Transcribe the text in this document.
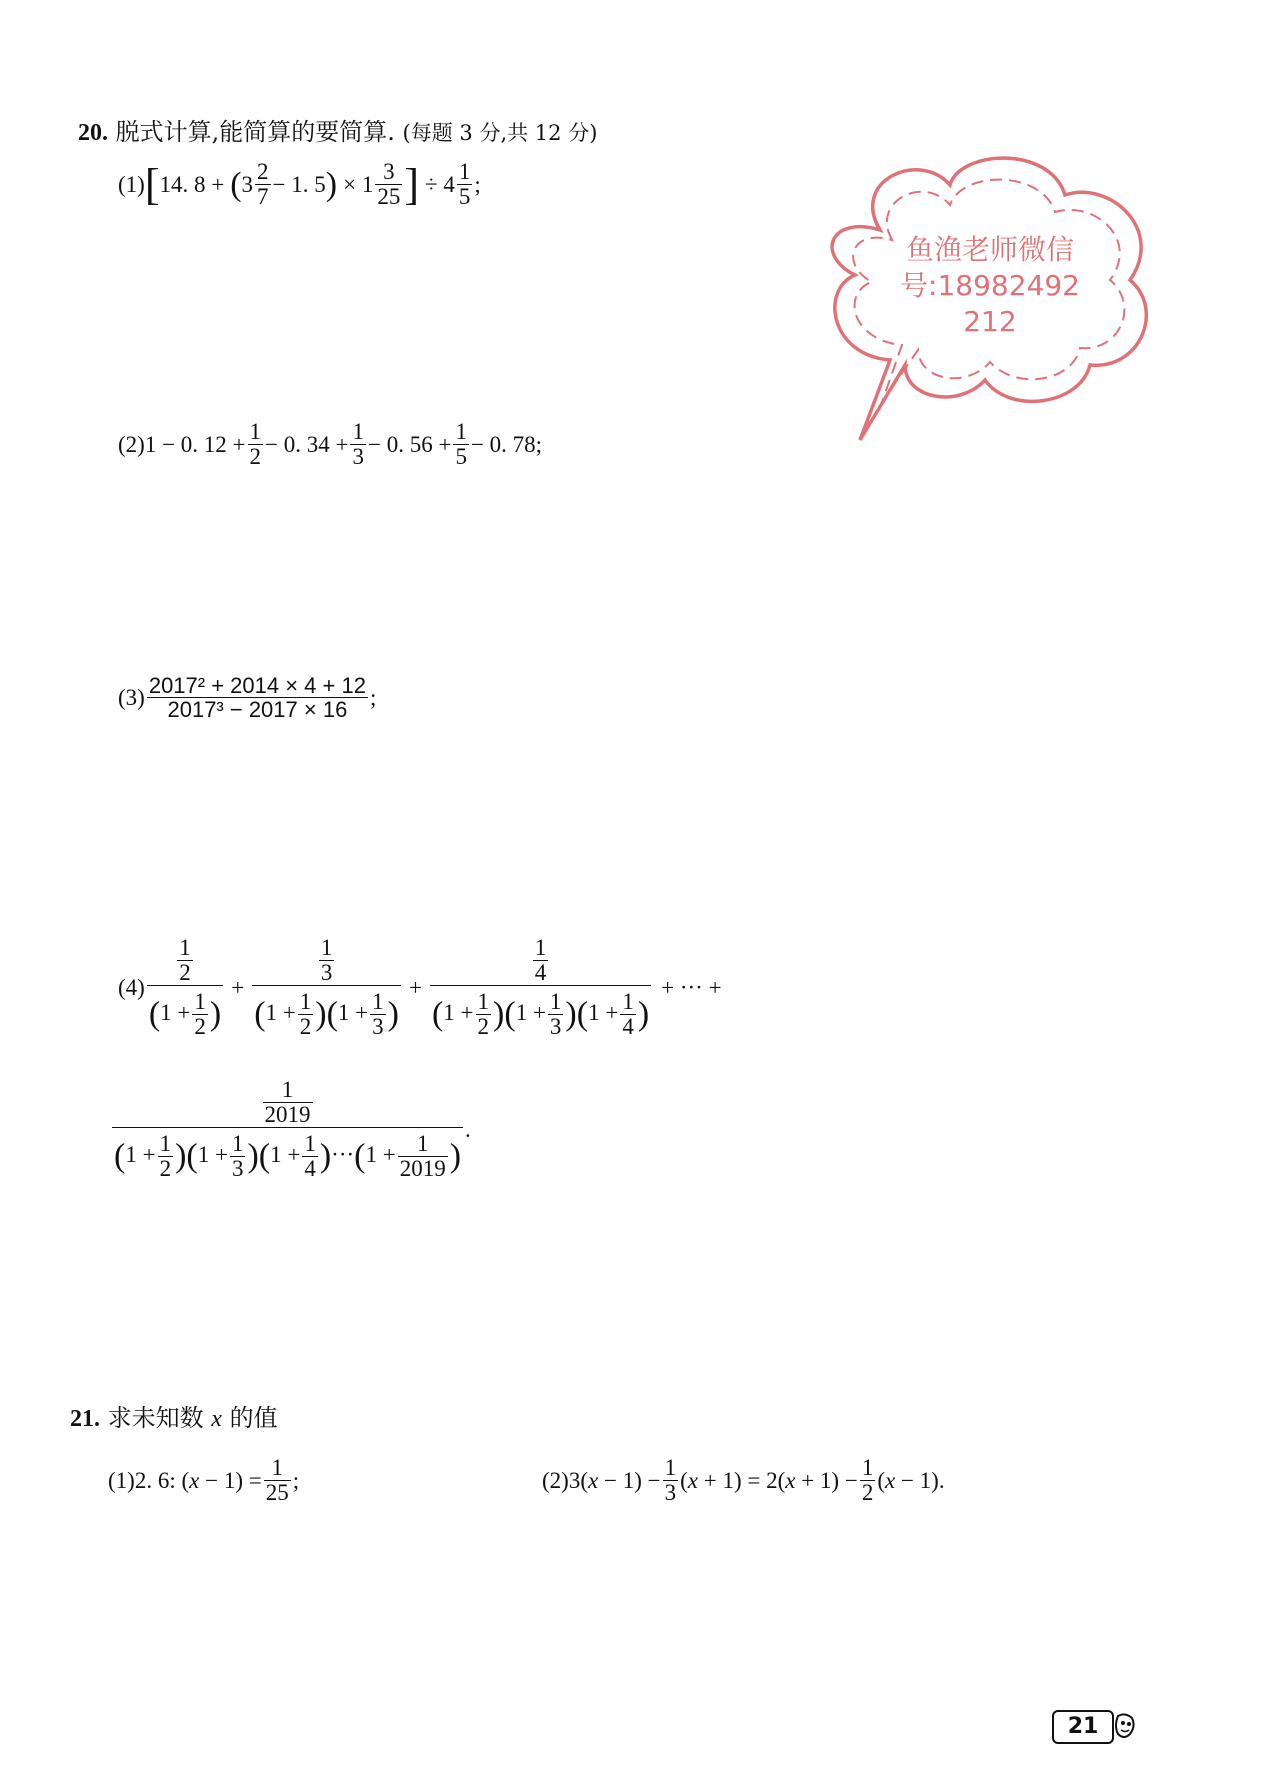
20. 脱式计算,能简算的要简算. (每题 3 分,共 12 分)
(1) [ 14. 8 + ( $3 \frac{2}{7} - 1$. 5 ) × $1 \frac{3}{25}$ ] ÷ $4 \frac{1}{5}$ ;
(2) 1 − 0. $12 + \frac{1}{2} - 0$. $34 + \frac{1}{3} - 0$. $56 + \frac{1}{5} - 0$. 78 ;
$(3) \frac{\text{2017² + 2014 × 4 + 12}}{\text{2017³ − 2017 × 16}}$ ;
$(4) \frac{\frac{1}{2}}{(1 + \frac{1}{2} )} + \frac{\frac{1}{3}}{(1 + \frac{1}{2} )(1 + \frac{1}{3} )} + \frac{\frac{1}{4}}{(1 + \frac{1}{2} )(1 + \frac{1}{3} )(1 + \frac{1}{4} )}$ + ··· +
$\frac{\frac{1}{2019}}{(1 + \frac{1}{2} )(1 + \frac{1}{3} )(1 + \frac{1}{4} )\cdot\cdot\cdot(1 + \frac{1}{2019} )}$ .
21. 求未知数 x 的值
(1) 2. 6: ( $x - 1) = \frac{1}{25}$ ;	(2) 3( $x - 1) - \frac{1}{3}$ ( x + 1) = 2( $x + 1) - \frac{1}{2}$ ( x − 1).
鱼渔老师微信
号:18982492
212
21
